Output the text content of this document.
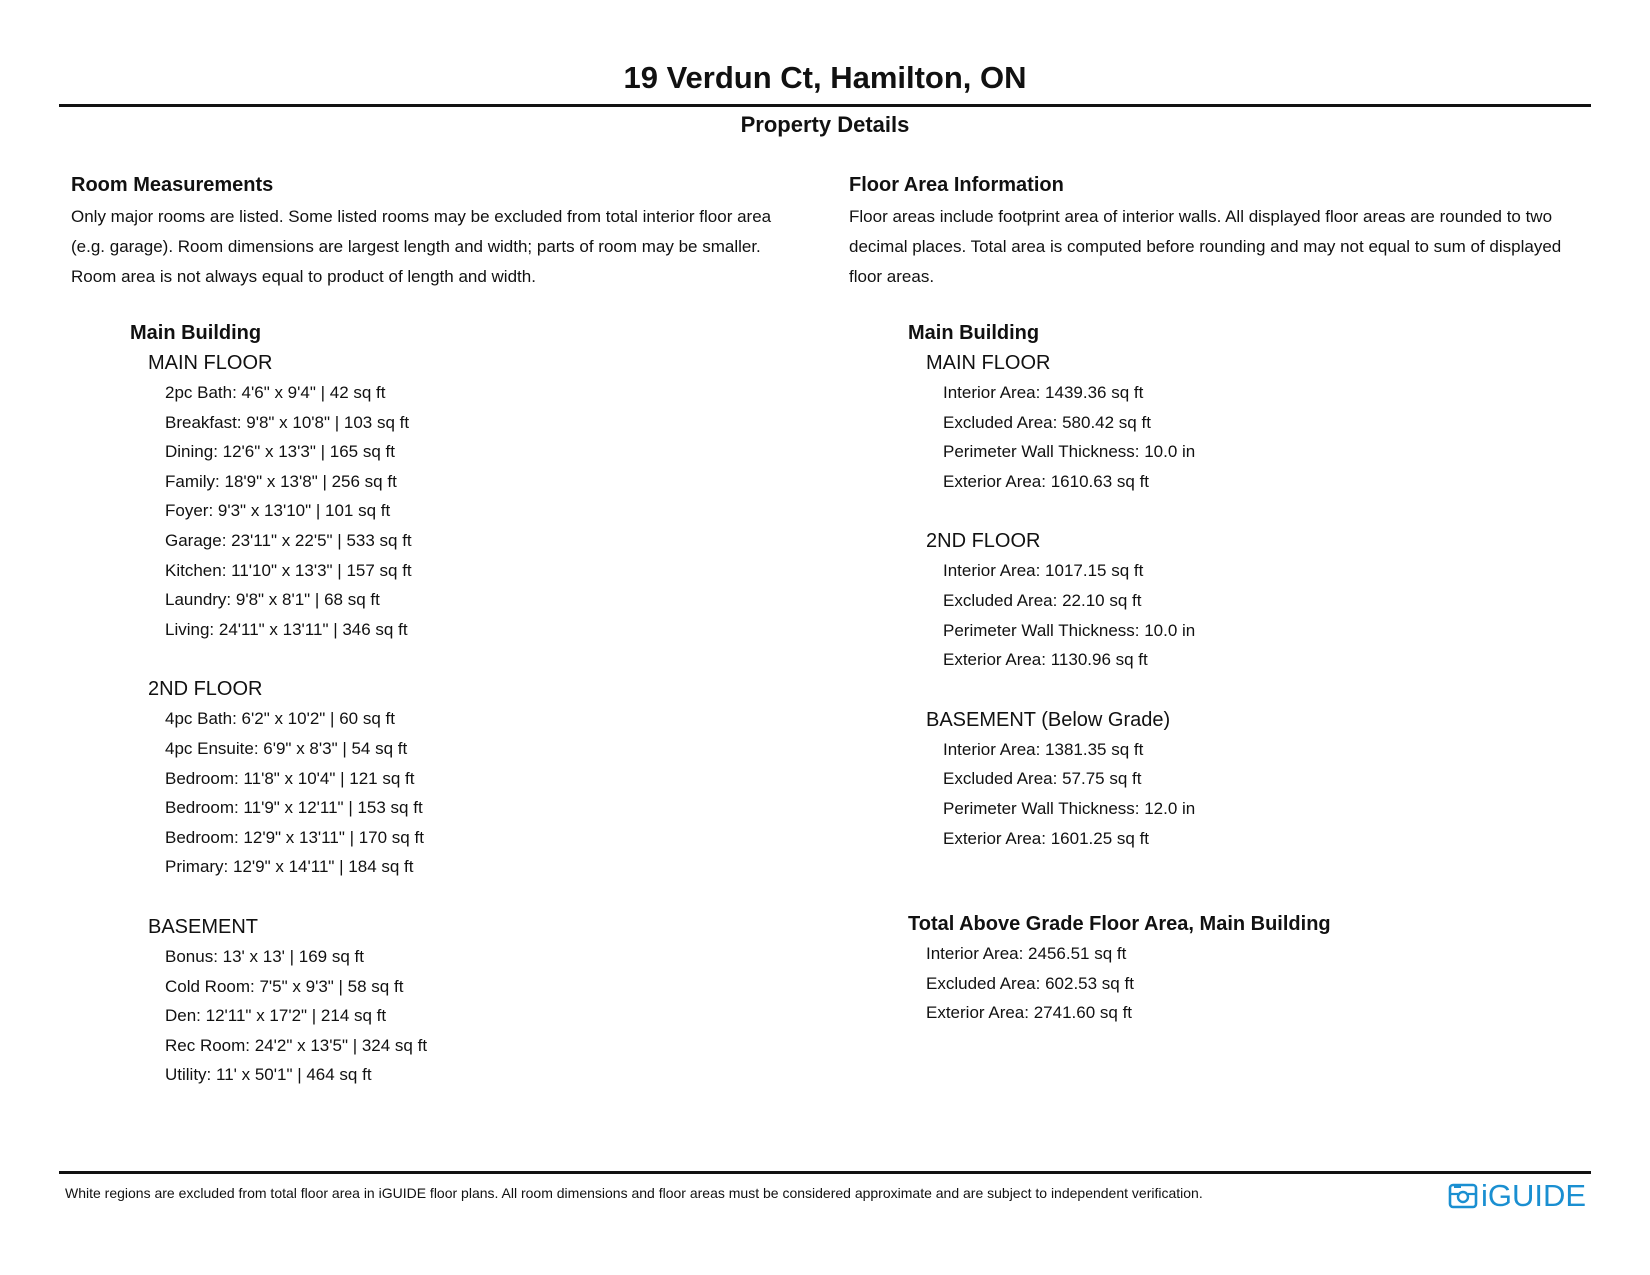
19 Verdun Ct, Hamilton, ON
Property Details
Room Measurements
Only major rooms are listed. Some listed rooms may be excluded from total interior floor area
(e.g. garage). Room dimensions are largest length and width; parts of room may be smaller.
Room area is not always equal to product of length and width.
Main Building
MAIN FLOOR
2pc Bath: 4'6" x 9'4" | 42 sq ft
Breakfast: 9'8" x 10'8" | 103 sq ft
Dining: 12'6" x 13'3" | 165 sq ft
Family: 18'9" x 13'8" | 256 sq ft
Foyer: 9'3" x 13'10" | 101 sq ft
Garage: 23'11" x 22'5" | 533 sq ft
Kitchen: 11'10" x 13'3" | 157 sq ft
Laundry: 9'8" x 8'1" | 68 sq ft
Living: 24'11" x 13'11" | 346 sq ft
2ND FLOOR
4pc Bath: 6'2" x 10'2" | 60 sq ft
4pc Ensuite: 6'9" x 8'3" | 54 sq ft
Bedroom: 11'8" x 10'4" | 121 sq ft
Bedroom: 11'9" x 12'11" | 153 sq ft
Bedroom: 12'9" x 13'11" | 170 sq ft
Primary: 12'9" x 14'11" | 184 sq ft
BASEMENT
Bonus: 13' x 13' | 169 sq ft
Cold Room: 7'5" x 9'3" | 58 sq ft
Den: 12'11" x 17'2" | 214 sq ft
Rec Room: 24'2" x 13'5" | 324 sq ft
Utility: 11' x 50'1" | 464 sq ft
Floor Area Information
Floor areas include footprint area of interior walls. All displayed floor areas are rounded to two
decimal places. Total area is computed before rounding and may not equal to sum of displayed
floor areas.
Main Building
MAIN FLOOR
Interior Area: 1439.36 sq ft
Excluded Area: 580.42 sq ft
Perimeter Wall Thickness: 10.0 in
Exterior Area: 1610.63 sq ft
2ND FLOOR
Interior Area: 1017.15 sq ft
Excluded Area: 22.10 sq ft
Perimeter Wall Thickness: 10.0 in
Exterior Area: 1130.96 sq ft
BASEMENT (Below Grade)
Interior Area: 1381.35 sq ft
Excluded Area: 57.75 sq ft
Perimeter Wall Thickness: 12.0 in
Exterior Area: 1601.25 sq ft
Total Above Grade Floor Area, Main Building
Interior Area: 2456.51 sq ft
Excluded Area: 602.53 sq ft
Exterior Area: 2741.60 sq ft
White regions are excluded from total floor area in iGUIDE floor plans. All room dimensions and floor areas must be considered approximate and are subject to independent verification.	iGUIDE
